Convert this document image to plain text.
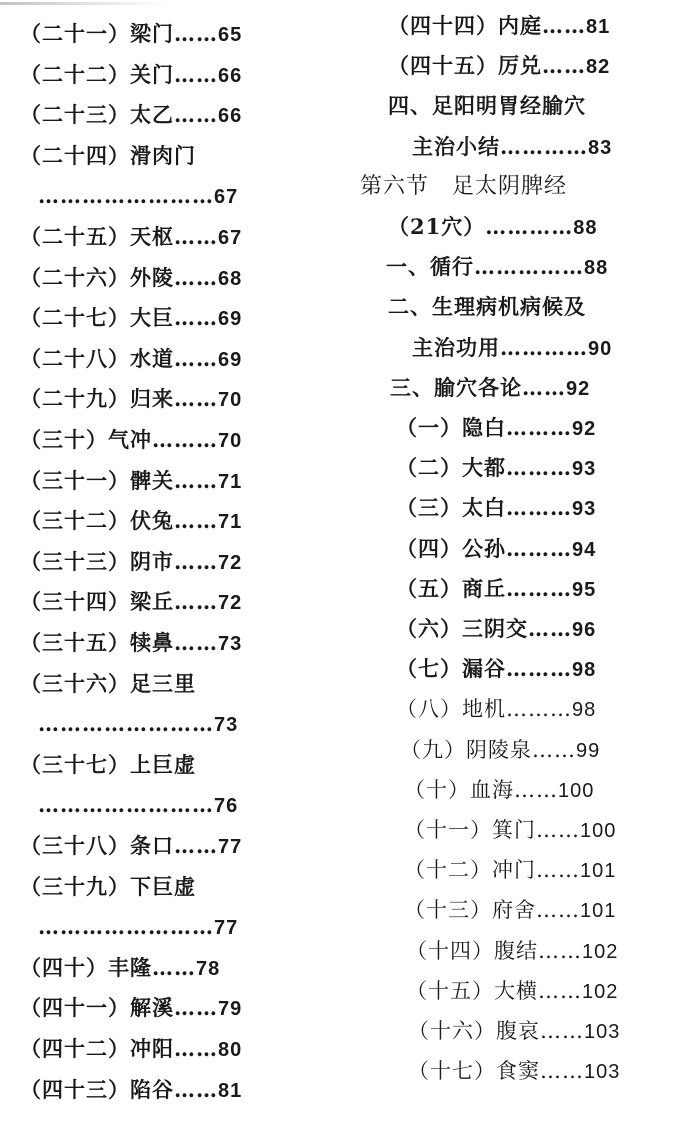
（二十一）梁门……65
（二十二）关门……66
（二十三）太乙……66
（二十四）滑肉门
……………………67
（二十五）天枢……67
（二十六）外陵……68
（二十七）大巨……69
（二十八）水道……69
（二十九）归来……70
（三十）气冲………70
（三十一）髀关……71
（三十二）伏兔……71
（三十三）阴市……72
（三十四）梁丘……72
（三十五）犊鼻……73
（三十六）足三里
……………………73
（三十七）上巨虚
……………………76
（三十八）条口……77
（三十九）下巨虚
……………………77
（四十）丰隆……78
（四十一）解溪……79
（四十二）冲阳……80
（四十三）陷谷……81
（四十四）内庭……81
（四十五）厉兑……82
四、足阳明胃经腧穴
主治小结…………83
第六节　足太阴脾经
（21穴）…………88
一、循行……………88
二、生理病机病候及
主治功用…………90
三、腧穴各论……92
（一）隐白………92
（二）大都………93
（三）太白………93
（四）公孙………94
（五）商丘………95
（六）三阴交……96
（七）漏谷………98
（八）地机………98
（九）阴陵泉……99
（十）血海……100
（十一）箕门……100
（十二）冲门……101
（十三）府舍……101
（十四）腹结……102
（十五）大横……102
（十六）腹哀……103
（十七）食窦……103
